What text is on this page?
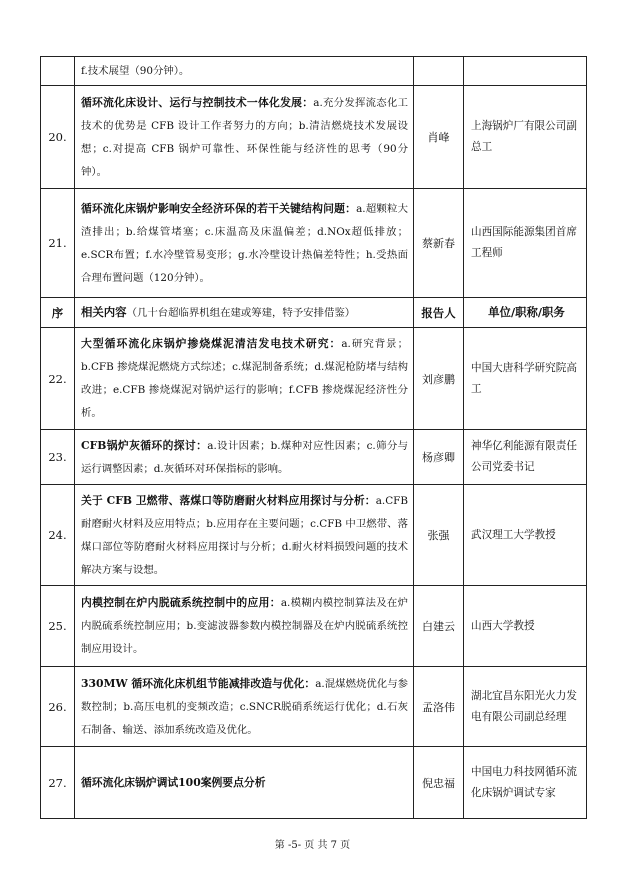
	f.技术展望（90分钟）。		
20.	循环流化床设计、运行与控制技术一体化发展：a.充分发挥流态化工技术的优势是 CFB 设计工作者努力的方向；b.清洁燃烧技术发展设想；c.对提高 CFB 锅炉可靠性、环保性能与经济性的思考（90分钟）。	肖峰	上海锅炉厂有限公司副总工
21.	循环流化床锅炉影响安全经济环保的若干关键结构问题：a.超颗粒大渣排出；b.给煤管堵塞；c.床温高及床温偏差；d.NOx超低排放；e.SCR布置；f.水冷壁管易变形；g.水冷壁设计热偏差特性；h.受热面合理布置问题（120分钟）。	蔡新春	山西国际能源集团首席工程师
序	相关内容（几十台超临界机组在建或筹建，特予安排借鉴）	报告人	单位/职称/职务
22.	大型循环流化床锅炉掺烧煤泥清洁发电技术研究：a.研究背景；b.CFB 掺烧煤泥燃烧方式综述；c.煤泥制备系统；d.煤泥枪防堵与结构改进；e.CFB 掺烧煤泥对锅炉运行的影响；f.CFB 掺烧煤泥经济性分析。	刘彦鹏	中国大唐科学研究院高工
23.	CFB锅炉灰循环的探讨：a.设计因素；b.煤种对应性因素；c.筛分与运行调整因素；d.灰循环对环保指标的影响。	杨彦卿	神华亿利能源有限责任公司党委书记
24.	关于 CFB 卫燃带、落煤口等防磨耐火材料应用探讨与分析：a.CFB 耐磨耐火材料及应用特点；b.应用存在主要问题；c.CFB 中卫燃带、落煤口部位等防磨耐火材料应用探讨与分析；d.耐火材料损毁问题的技术解决方案与设想。	张强	武汉理工大学教授
25.	内模控制在炉内脱硫系统控制中的应用：a.模糊内模控制算法及在炉内脱硫系统控制应用；b.变滤波器参数内模控制器及在炉内脱硫系统控制应用设计。	白建云	山西大学教授
26.	330MW 循环流化床机组节能减排改造与优化：a.混煤燃烧优化与参数控制；b.高压电机的变频改造；c.SNCR脱硝系统运行优化；d.石灰石制备、输送、添加系统改造及优化。	孟洛伟	湖北宜昌东阳光火力发电有限公司副总经理
27.	循环流化床锅炉调试100案例要点分析	倪忠福	中国电力科技网循环流化床锅炉调试专家
第 -5- 页 共 7 页
